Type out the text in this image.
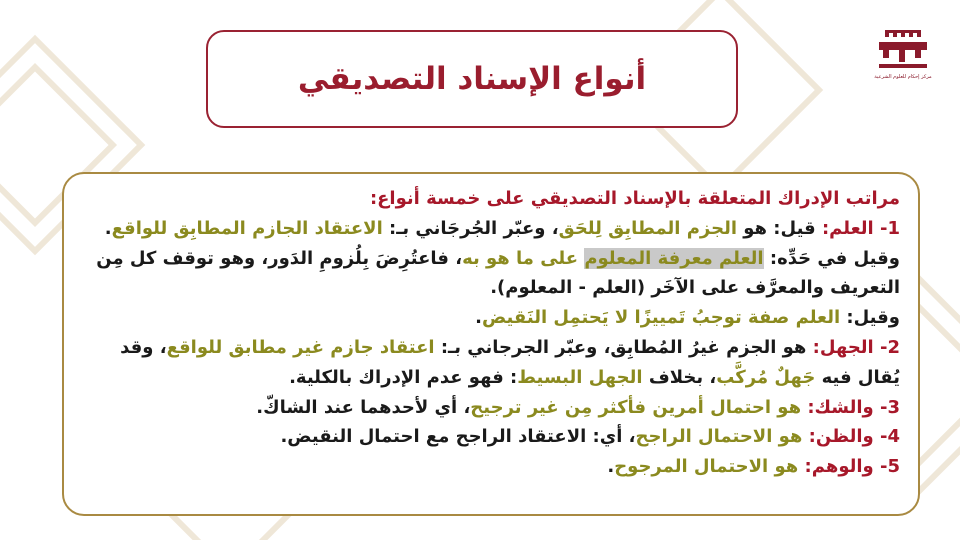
مركز إحكام للعلوم الشرعية
أنواع الإسناد التصديقي
مراتب الإدراك المتعلقة بالإسناد التصديقي على خمسة أنواع:
1- العلم: قيل: هو الجزم المطابِق لِلحَق، وعبّر الجُرجَاني بـ: الاعتقاد الجازم المطابِق للواقع.
وقيل في حَدِّه: العلم معرفة المعلوم على ما هو به، فاعتُرِضَ بِلُزومِ الدَور، وهو توقف كل مِن
التعريف والمعرَّف على الآخَر (العلم - المعلوم).
وقيل: العلم صفة توجبُ تَمييزًا لا يَحتمِل النَقيض.
2- الجهل: هو الجزم غيرُ المُطابِق، وعبّر الجرجاني بـ: اعتقاد جازم غير مطابق للواقع، وقد
يُقال فيه جَهلٌ مُركَّب، بخلاف الجهل البسيط: فهو عدم الإدراك بالكلية.
3- والشك: هو احتمال أمرين فأكثر مِن غير ترجيح، أي لأحدهما عند الشاكّ.
4- والظن: هو الاحتمال الراجح، أي: الاعتقاد الراجح مع احتمال النقيض.
5- والوهم: هو الاحتمال المرجوح.
